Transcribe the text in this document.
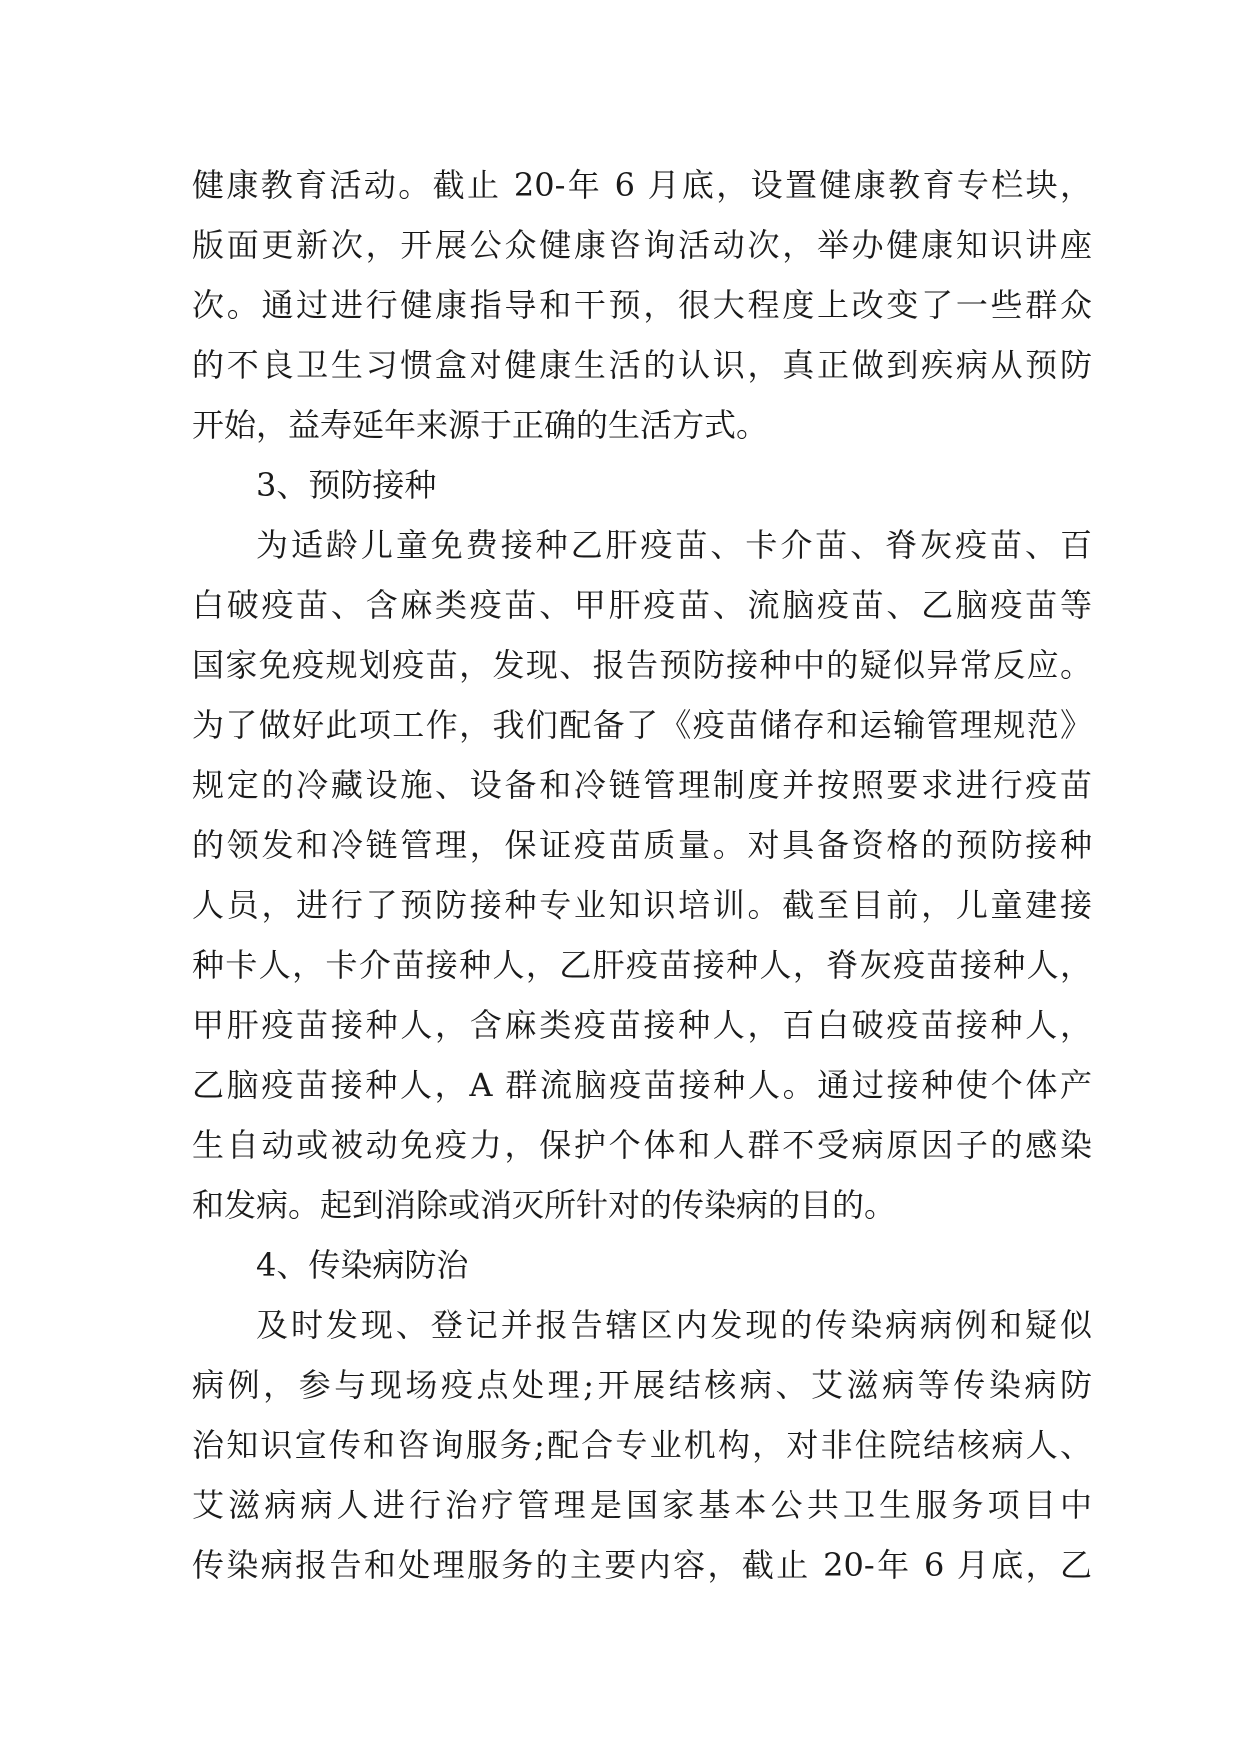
健康教育活动。截止 20-年 6 月底，设置健康教育专栏块，
版面更新次，开展公众健康咨询活动次，举办健康知识讲座
次。通过进行健康指导和干预，很大程度上改变了一些群众
的不良卫生习惯盒对健康生活的认识，真正做到疾病从预防
开始，益寿延年来源于正确的生活方式。
3、预防接种
为适龄儿童免费接种乙肝疫苗、卡介苗、脊灰疫苗、百
白破疫苗、含麻类疫苗、甲肝疫苗、流脑疫苗、乙脑疫苗等
国家免疫规划疫苗，发现、报告预防接种中的疑似异常反应。
为了做好此项工作，我们配备了《疫苗储存和运输管理规范》
规定的冷藏设施、设备和冷链管理制度并按照要求进行疫苗
的领发和冷链管理，保证疫苗质量。对具备资格的预防接种
人员，进行了预防接种专业知识培训。截至目前，儿童建接
种卡人，卡介苗接种人，乙肝疫苗接种人，脊灰疫苗接种人，
甲肝疫苗接种人，含麻类疫苗接种人，百白破疫苗接种人，
乙脑疫苗接种人，A 群流脑疫苗接种人。通过接种使个体产
生自动或被动免疫力，保护个体和人群不受病原因子的感染
和发病。起到消除或消灭所针对的传染病的目的。
4、传染病防治
及时发现、登记并报告辖区内发现的传染病病例和疑似
病例，参与现场疫点处理;开展结核病、艾滋病等传染病防
治知识宣传和咨询服务;配合专业机构，对非住院结核病人、
艾滋病病人进行治疗管理是国家基本公共卫生服务项目中
传染病报告和处理服务的主要内容，截止 20-年 6 月底，乙
